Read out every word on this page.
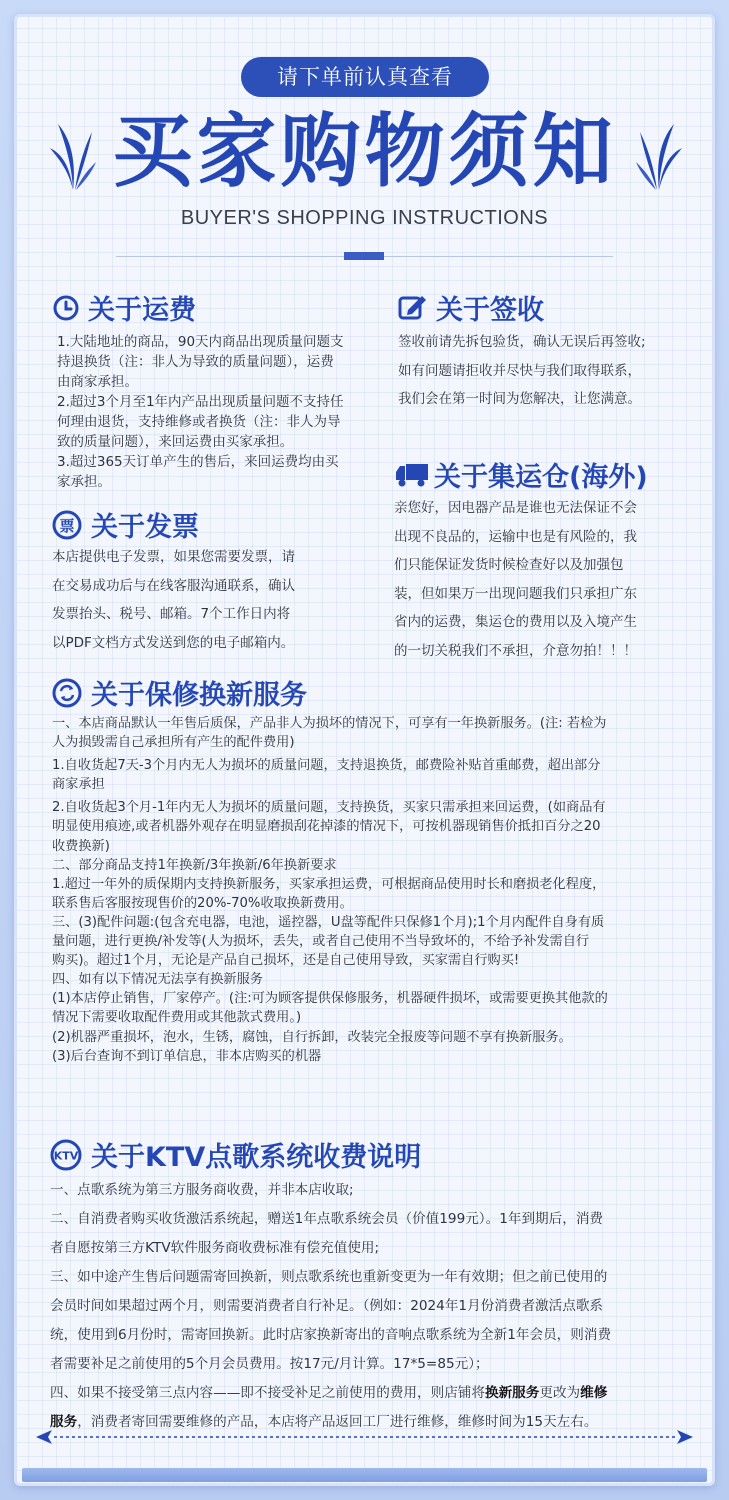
请下单前认真查看
买家购物须知
BUYER'S SHOPPING INSTRUCTIONS
关于运费

1.大陆地址的商品，90天内商品出现质量问题支

持退换货（注：非人为导致的质量问题），运费

由商家承担。

2.超过3个月至1年内产品出现质量问题不支持任

何理由退货，支持维修或者换货（注：非人为导

致的质量问题），来回运费由买家承担。

3.超过365天订单产生的售后，来回运费均由买

家承担。

关于签收

签收前请先拆包验货，确认无误后再签收;

如有问题请拒收并尽快与我们取得联系，

我们会在第一时间为您解决，让您满意。

关于集运仓(海外)

亲您好，因电器产品是谁也无法保证不会

出现不良品的，运输中也是有风险的，我

们只能保证发货时候检查好以及加强包

装，但如果万一出现问题我们只承担广东

省内的运费，集运仓的费用以及入境产生

的一切关税我们不承担，介意勿拍！！！

票 关于发票

本店提供电子发票，如果您需要发票，请

在交易成功后与在线客服沟通联系，确认

发票抬头、税号、邮箱。7个工作日内将

以PDF文档方式发送到您的电子邮箱内。

关于保修换新服务

一、本店商品默认一年售后质保，产品非人为损坏的情况下，可享有一年换新服务。(注: 若检为

人为损毁需自己承担所有产生的配件费用)

1.自收货起7天-3个月内无人为损坏的质量问题，支持退换货，邮费险补贴首重邮费，超出部分

商家承担

2.自收货起3个月-1年内无人为损坏的质量问题，支持换货，买家只需承担来回运费，(如商品有

明显使用痕迹,或者机器外观存在明显磨损刮花掉漆的情况下，可按机器现销售价抵扣百分之20

收费换新)

二、部分商品支持1年换新/3年换新/6年换新要求

1.超过一年外的质保期内支持换新服务，买家承担运费，可根据商品使用时长和磨损老化程度，

联系售后客服按现售价的20%-70%收取换新费用。

三、(3)配件问题:(包含充电器，电池，遥控器，U盘等配件只保修1个月);1个月内配件自身有质

量问题，进行更换/补发等(人为损坏，丢失，或者自己使用不当导致坏的，不给予补发需自行

购买)。超过1个月，无论是产品自己损坏，还是自己使用导致，买家需自行购买!

四、如有以下情况无法享有换新服务

(1)本店停止销售，厂家停产。(注:可为顾客提供保修服务，机器硬件损坏，或需要更换其他款的

情况下需要收取配件费用或其他款式费用。)

(2)机器严重损坏，泡水，生锈，腐蚀，自行拆卸，改装完全报废等问题不享有换新服务。

(3)后台查询不到订单信息，非本店购买的机器

KTV 关于KTV点歌系统收费说明

一、点歌系统为第三方服务商收费，并非本店收取;

二、自消费者购买收货激活系统起，赠送1年点歌系统会员（价值199元）。1年到期后，消费

者自愿按第三方KTV软件服务商收费标准有偿充值使用;

三、如中途产生售后问题需寄回换新，则点歌系统也重新变更为一年有效期；但之前已使用的

会员时间如果超过两个月，则需要消费者自行补足。（例如：2024年1月份消费者激活点歌系

统，使用到6月份时，需寄回换新。此时店家换新寄出的音响点歌系统为全新1年会员，则消费

者需要补足之前使用的5个月会员费用。按17元/月计算。17*5=85元）；

四、如果不接受第三点内容——即不接受补足之前使用的费用，则店铺将换新服务更改为维修

服务，消费者寄回需要维修的产品，本店将产品返回工厂进行维修，维修时间为15天左右。
